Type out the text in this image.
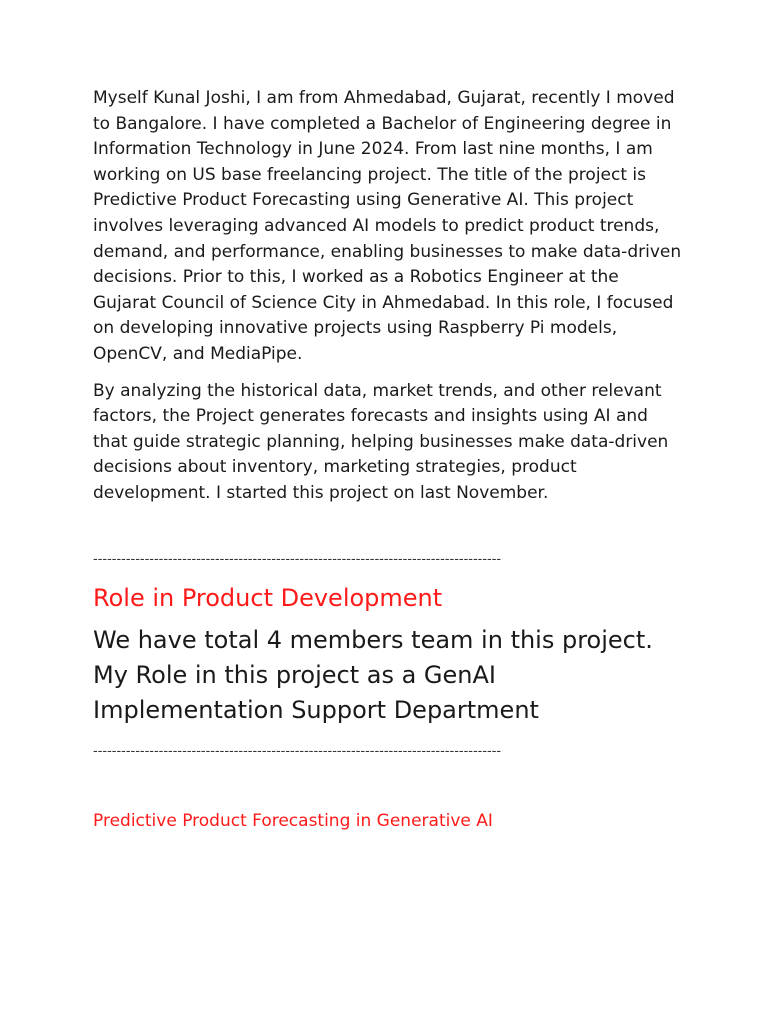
Myself Kunal Joshi, I am from Ahmedabad, Gujarat, recently I moved to Bangalore. I have completed a Bachelor of Engineering degree in Information Technology in June 2024. From last nine months, I am working on US base freelancing project. The title of the project is Predictive Product Forecasting using Generative AI. This project involves leveraging advanced AI models to predict product trends, demand, and performance, enabling businesses to make data-driven decisions. Prior to this, I worked as a Robotics Engineer at the Gujarat Council of Science City in Ahmedabad. In this role, I focused on developing innovative projects using Raspberry Pi models, OpenCV, and MediaPipe.

By analyzing the historical data, market trends, and other relevant factors, the Project generates forecasts and insights using AI and that guide strategic planning, helping businesses make data-driven decisions about inventory, marketing strategies, product development. I started this project on last November.

---------------------------------------------------------------------------------------

Role in Product Development

We have total 4 members team in this project. My Role in this project as a GenAI Implementation Support Department

---------------------------------------------------------------------------------------

Predictive Product Forecasting in Generative AI
